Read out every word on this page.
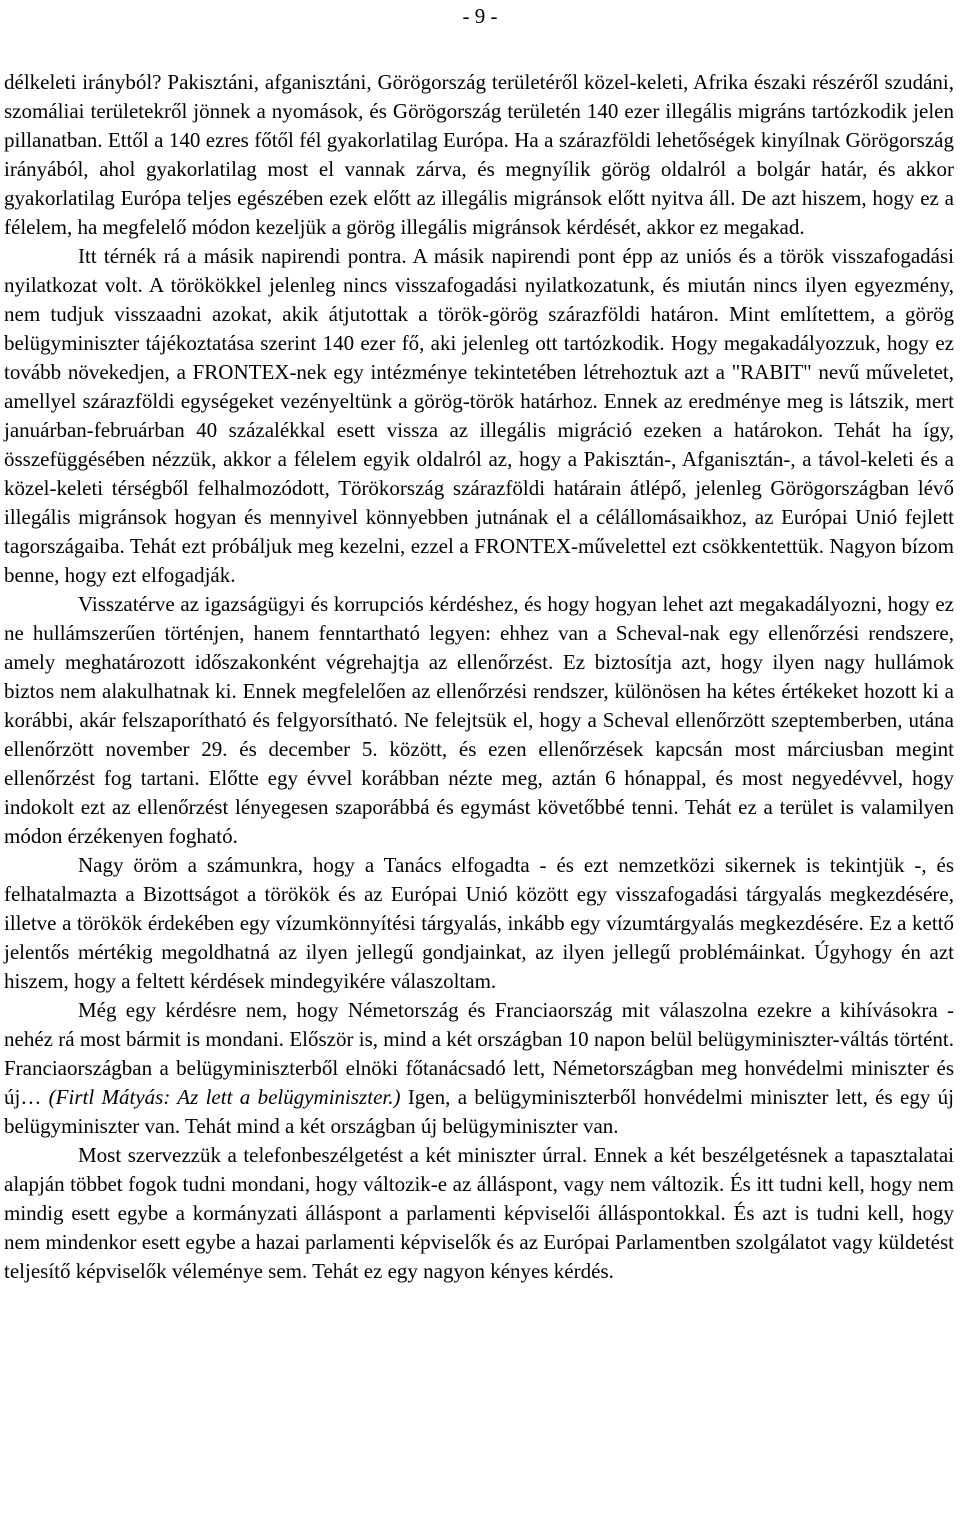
- 9 -

délkeleti irányból? Pakisztáni, afganisztáni, Görögország területéről közel-keleti, Afrika északi részéről szudáni, szomáliai területekről jönnek a nyomások, és Görögország területén 140 ezer illegális migráns tartózkodik jelen pillanatban. Ettől a 140 ezres főtől fél gyakorlatilag Európa. Ha a szárazföldi lehetőségek kinyílnak Görögország irányából, ahol gyakorlatilag most el vannak zárva, és megnyílik görög oldalról a bolgár határ, és akkor gyakorlatilag Európa teljes egészében ezek előtt az illegális migránsok előtt nyitva áll. De azt hiszem, hogy ez a félelem, ha megfelelő módon kezeljük a görög illegális migránsok kérdését, akkor ez megakad.

Itt térnék rá a másik napirendi pontra. A másik napirendi pont épp az uniós és a török visszafogadási nyilatkozat volt. A törökökkel jelenleg nincs visszafogadási nyilatkozatunk, és miután nincs ilyen egyezmény, nem tudjuk visszaadni azokat, akik átjutottak a török-görög szárazföldi határon. Mint említettem, a görög belügyminiszter tájékoztatása szerint 140 ezer fő, aki jelenleg ott tartózkodik. Hogy megakadályozzuk, hogy ez tovább növekedjen, a FRONTEX-nek egy intézménye tekintetében létrehoztuk azt a "RABIT" nevű műveletet, amellyel szárazföldi egységeket vezényeltünk a görög-török határhoz. Ennek az eredménye meg is látszik, mert januárban-februárban 40 százalékkal esett vissza az illegális migráció ezeken a határokon. Tehát ha így, összefüggésében nézzük, akkor a félelem egyik oldalról az, hogy a Pakisztán-, Afganisztán-, a távol-keleti és a közel-keleti térségből felhalmozódott, Törökország szárazföldi határain átlépő, jelenleg Görögországban lévő illegális migránsok hogyan és mennyivel könnyebben jutnának el a célállomásaikhoz, az Európai Unió fejlett tagországaiba. Tehát ezt próbáljuk meg kezelni, ezzel a FRONTEX-művelettel ezt csökkentettük. Nagyon bízom benne, hogy ezt elfogadják.

Visszatérve az igazságügyi és korrupciós kérdéshez, és hogy hogyan lehet azt megakadályozni, hogy ez ne hullámszerűen történjen, hanem fenntartható legyen: ehhez van a Scheval-nak egy ellenőrzési rendszere, amely meghatározott időszakonként végrehajtja az ellenőrzést. Ez biztosítja azt, hogy ilyen nagy hullámok biztos nem alakulhatnak ki. Ennek megfelelően az ellenőrzési rendszer, különösen ha kétes értékeket hozott ki a korábbi, akár felszaporítható és felgyorsítható. Ne felejtsük el, hogy a Scheval ellenőrzött szeptemberben, utána ellenőrzött november 29. és december 5. között, és ezen ellenőrzések kapcsán most márciusban megint ellenőrzést fog tartani. Előtte egy évvel korábban nézte meg, aztán 6 hónappal, és most negyedévvel, hogy indokolt ezt az ellenőrzést lényegesen szaporábbá és egymást követőbbé tenni. Tehát ez a terület is valamilyen módon érzékenyen fogható.

Nagy öröm a számunkra, hogy a Tanács elfogadta - és ezt nemzetközi sikernek is tekintjük -, és felhatalmazta a Bizottságot a törökök és az Európai Unió között egy visszafogadási tárgyalás megkezdésére, illetve a törökök érdekében egy vízumkönnyítési tárgyalás, inkább egy vízumtárgyalás megkezdésére. Ez a kettő jelentős mértékig megoldhatná az ilyen jellegű gondjainkat, az ilyen jellegű problémáinkat. Úgyhogy én azt hiszem, hogy a feltett kérdések mindegyikére válaszoltam.

Még egy kérdésre nem, hogy Németország és Franciaország mit válaszolna ezekre a kihívásokra - nehéz rá most bármit is mondani. Először is, mind a két országban 10 napon belül belügyminiszter-váltás történt. Franciaországban a belügyminiszterből elnöki főtanácsadó lett, Németországban meg honvédelmi miniszter és új… (Firtl Mátyás: Az lett a belügyminiszter.) Igen, a belügyminiszterből honvédelmi miniszter lett, és egy új belügyminiszter van. Tehát mind a két országban új belügyminiszter van.

Most szervezzük a telefonbeszélgetést a két miniszter úrral. Ennek a két beszélgetésnek a tapasztalatai alapján többet fogok tudni mondani, hogy változik-e az álláspont, vagy nem változik. És itt tudni kell, hogy nem mindig esett egybe a kormányzati álláspont a parlamenti képviselői álláspontokkal. És azt is tudni kell, hogy nem mindenkor esett egybe a hazai parlamenti képviselők és az Európai Parlamentben szolgálatot vagy küldetést teljesítő képviselők véleménye sem. Tehát ez egy nagyon kényes kérdés.
